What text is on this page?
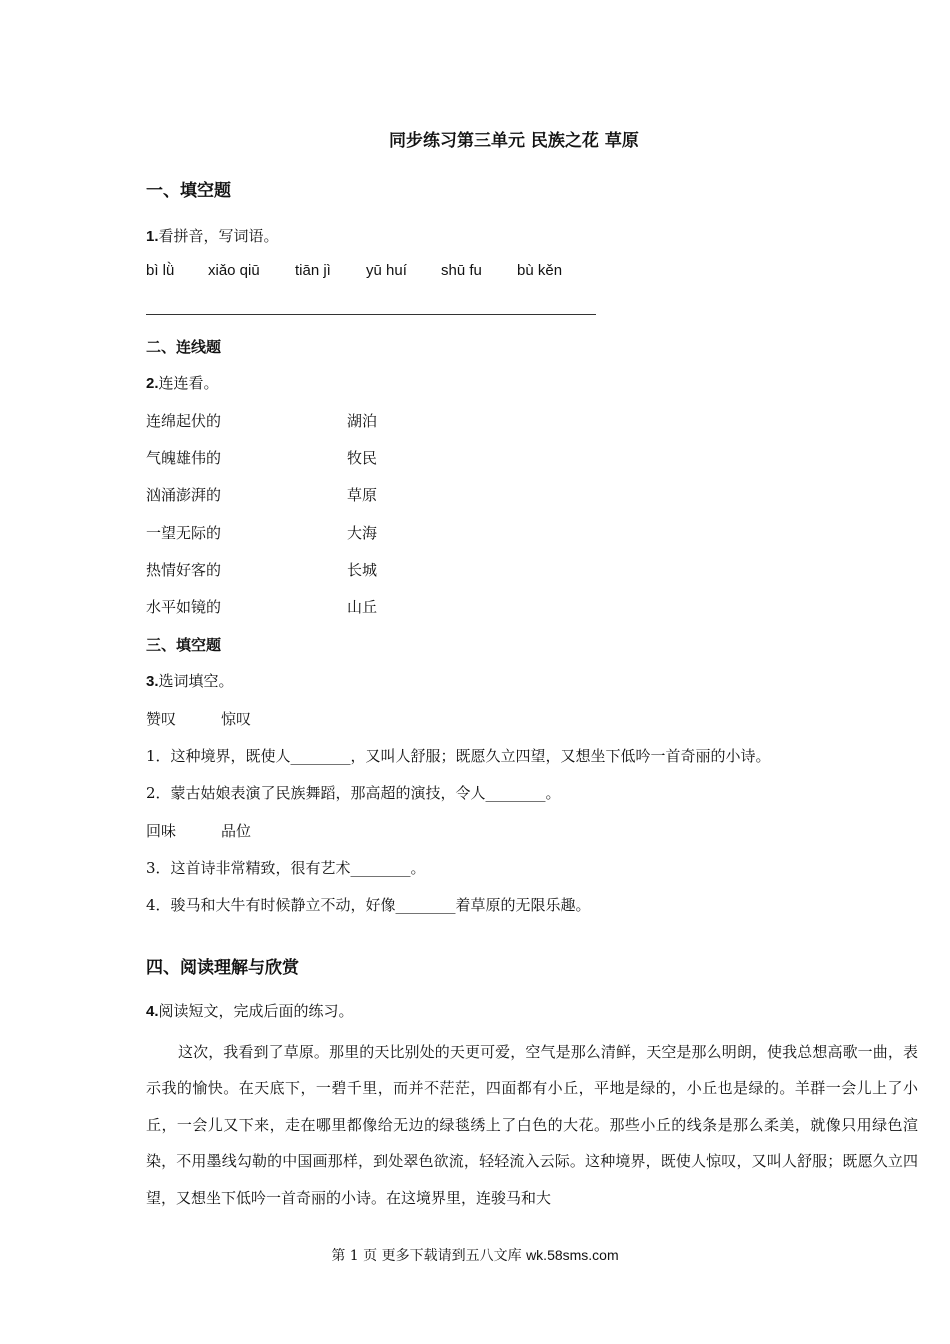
同步练习第三单元 民族之花 草原
一、填空题
1.看拼音，写词语。
bì lǜ xiǎo qiū tiān jì yū huí shū fu bù kěn
二、连线题
2.连连看。
连绵起伏的	湖泊
气魄雄伟的	牧民
汹涌澎湃的	草原
一望无际的	大海
热情好客的	长城
水平如镜的	山丘
三、填空题
3.选词填空。
赞叹　　　惊叹
1．这种境界，既使人________，又叫人舒服；既愿久立四望，又想坐下低吟一首奇丽的小诗。
2．蒙古姑娘表演了民族舞蹈，那高超的演技，令人________。
回味　　　品位
3．这首诗非常精致，很有艺术________。
4．骏马和大牛有时候静立不动，好像________着草原的无限乐趣。
四、阅读理解与欣赏
4.阅读短文，完成后面的练习。
这次，我看到了草原。那里的天比别处的天更可爱，空气是那么清鲜，天空是那么明朗，使我总想高歌一曲，表示我的愉快。在天底下，一碧千里，而并不茫茫，四面都有小丘，平地是绿的，小丘也是绿的。羊群一会儿上了小丘，一会儿又下来，走在哪里都像给无边的绿毯绣上了白色的大花。那些小丘的线条是那么柔美，就像只用绿色渲染，不用墨线勾勒的中国画那样，到处翠色欲流，轻轻流入云际。这种境界，既使人惊叹，又叫人舒服；既愿久立四望，又想坐下低吟一首奇丽的小诗。在这境界里，连骏马和大
第 1 页 更多下载请到五八文库 wk.58sms.com
